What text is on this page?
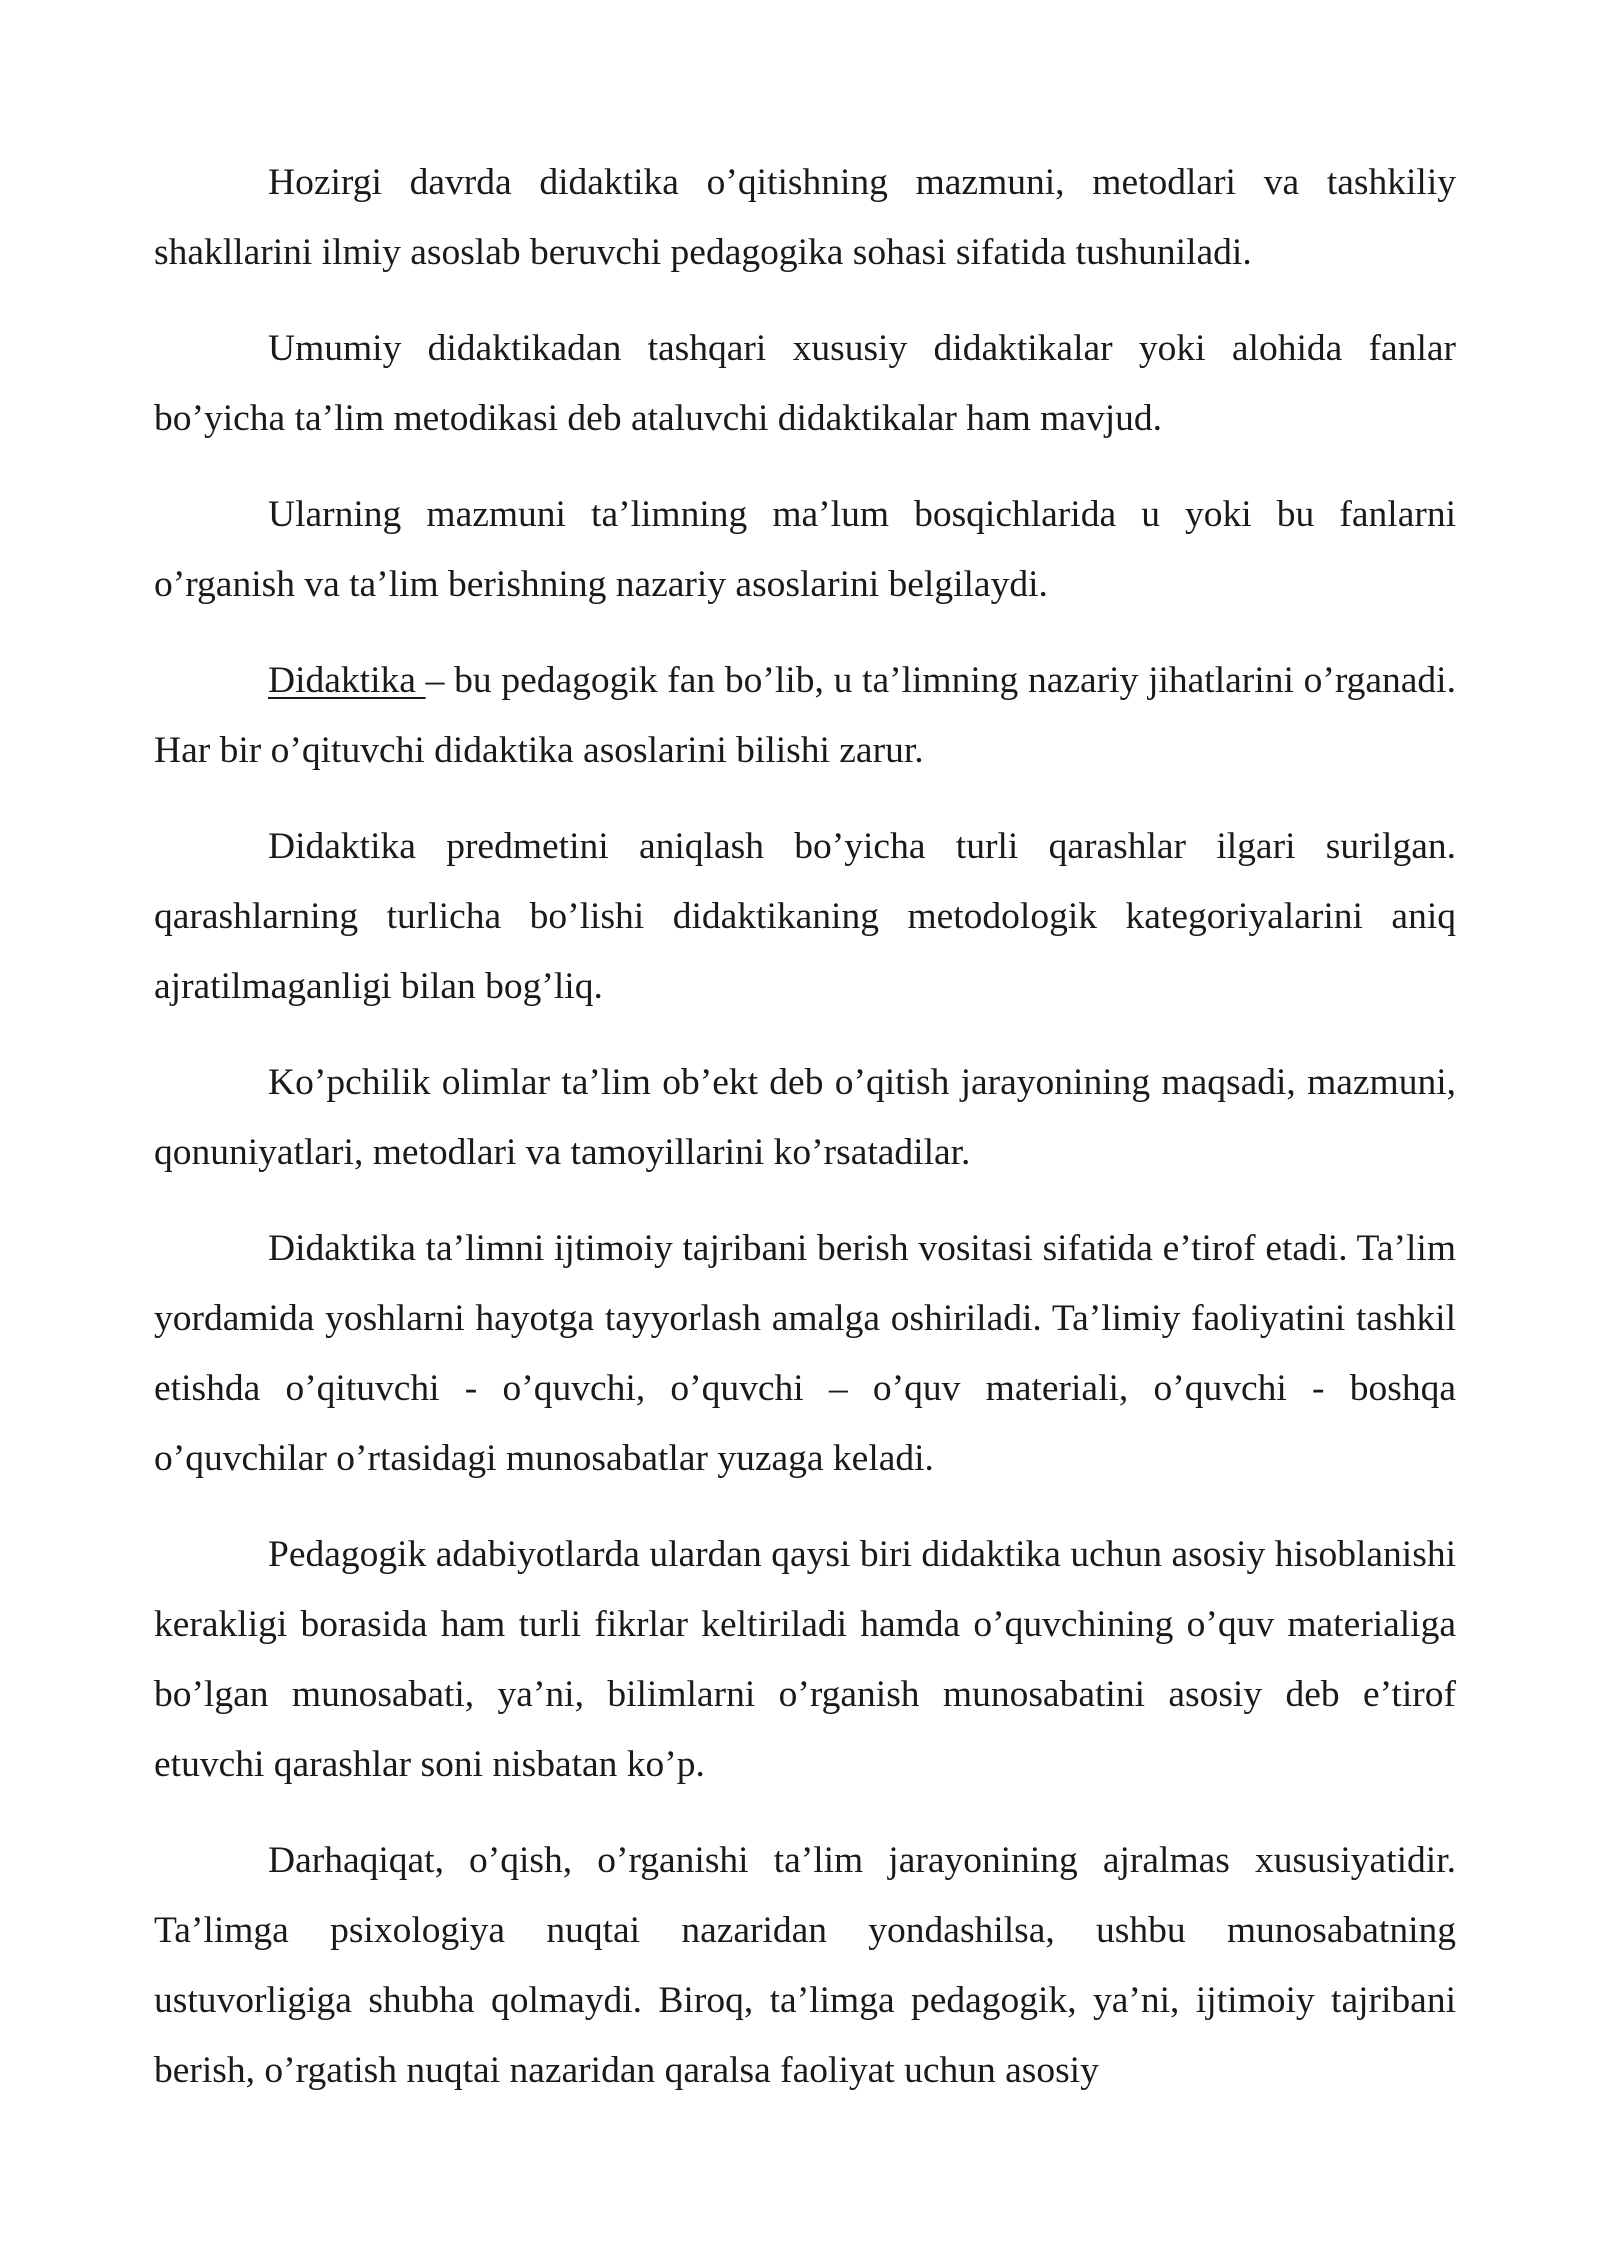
Hozirgi davrda didaktika o’qitishning mazmuni, metodlari va tashkiliy shakllarini ilmiy asoslab beruvchi pedagogika sohasi sifatida tushuniladi.

Umumiy didaktikadan tashqari xususiy didaktikalar yoki alohida fanlar bo’yicha ta’lim metodikasi deb ataluvchi didaktikalar ham mavjud.

Ularning mazmuni ta’limning ma’lum bosqichlarida u yoki bu fanlarni o’rganish va ta’lim berishning nazariy asoslarini belgilaydi.

Didaktika – bu pedagogik fan bo’lib, u ta’limning nazariy jihatlarini o’rganadi. Har bir o’qituvchi didaktika asoslarini bilishi zarur.

Didaktika predmetini aniqlash bo’yicha turli qarashlar ilgari surilgan. qarashlarning turlicha bo’lishi didaktikaning metodologik kategoriyalarini aniq ajratilmaganligi bilan bog’liq.

Ko’pchilik olimlar ta’lim ob’ekt deb o’qitish jarayonining maqsadi, mazmuni, qonuniyatlari, metodlari va tamoyillarini ko’rsatadilar.

Didaktika ta’limni ijtimoiy tajribani berish vositasi sifatida e’tirof etadi. Ta’lim yordamida yoshlarni hayotga tayyorlash amalga oshiriladi. Ta’limiy faoliyatini tashkil etishda o’qituvchi - o’quvchi, o’quvchi – o’quv materiali, o’quvchi - boshqa o’quvchilar o’rtasidagi munosabatlar yuzaga keladi.

Pedagogik adabiyotlarda ulardan qaysi biri didaktika uchun asosiy hisoblanishi kerakligi borasida ham turli fikrlar keltiriladi hamda o’quvchining o’quv materialiga bo’lgan munosabati, ya’ni, bilimlarni o’rganish munosabatini asosiy deb e’tirof etuvchi qarashlar soni nisbatan ko’p.

Darhaqiqat, o’qish, o’rganishi ta’lim jarayonining ajralmas xususiyatidir. Ta’limga psixologiya nuqtai nazaridan yondashilsa, ushbu munosabatning ustuvorligiga shubha qolmaydi. Biroq, ta’limga pedagogik, ya’ni, ijtimoiy tajribani berish, o’rgatish nuqtai nazaridan qaralsa faoliyat uchun asosiy
